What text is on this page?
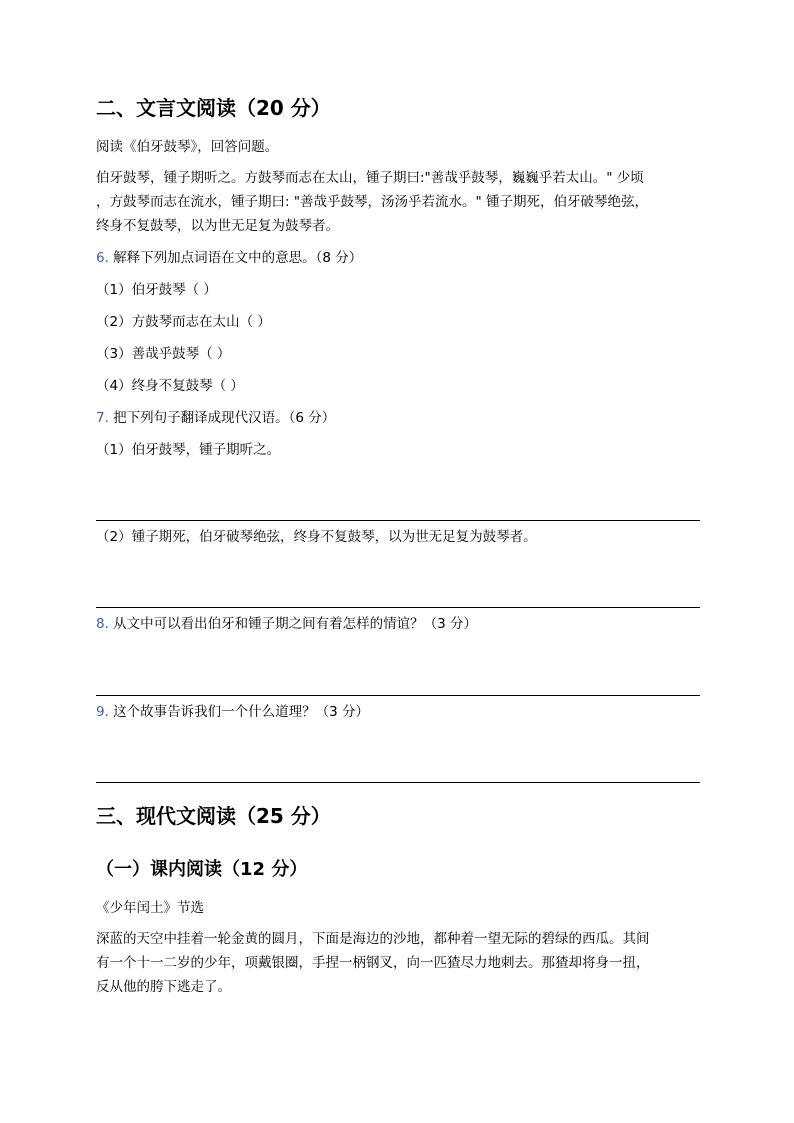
二、文言文阅读（20 分）
阅读《伯牙鼓琴》，回答问题。

伯牙鼓琴，锺子期听之。方鼓琴而志在太山，锺子期曰:"善哉乎鼓琴，巍巍乎若太山。" 少顷

，方鼓琴而志在流水，锺子期曰: "善哉乎鼓琴，汤汤乎若流水。" 锺子期死，伯牙破琴绝弦，

终身不复鼓琴，以为世无足复为鼓琴者。

6. 解释下列加点词语在文中的意思。（8 分）
（1）伯牙鼓琴（ ）
（2）方鼓琴而志在太山（ ）
（3）善哉乎鼓琴（ ）
（4）终身不复鼓琴（ ）
7. 把下列句子翻译成现代汉语。（6 分）
（1）伯牙鼓琴，锺子期听之。
（2）锺子期死，伯牙破琴绝弦，终身不复鼓琴，以为世无足复为鼓琴者。
8. 从文中可以看出伯牙和锺子期之间有着怎样的情谊？（3 分）
9. 这个故事告诉我们一个什么道理？（3 分）
三、现代文阅读（25 分）
（一）课内阅读（12 分）
《少年闰土》节选

深蓝的天空中挂着一轮金黄的圆月，下面是海边的沙地，都种着一望无际的碧绿的西瓜。其间

有一个十一二岁的少年，项戴银圈，手捏一柄钢叉，向一匹猹尽力地刺去。那猹却将身一扭，

反从他的胯下逃走了。
